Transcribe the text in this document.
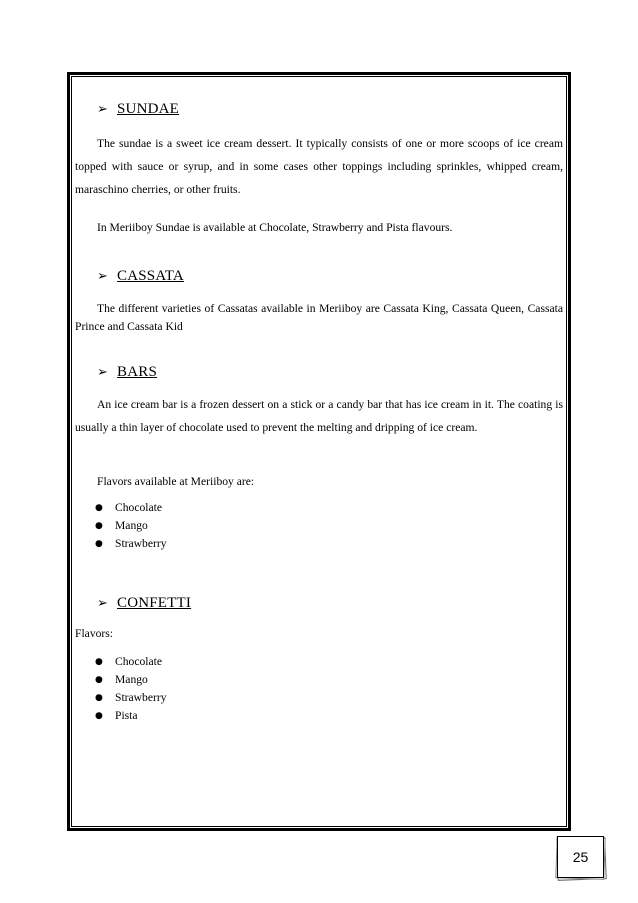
➢ SUNDAE

The sundae is a sweet ice cream dessert. It typically consists of one or more scoops of ice cream topped with sauce or syrup, and in some cases other toppings including sprinkles, whipped cream, maraschino cherries, or other fruits.

In Meriiboy Sundae is available at Chocolate, Strawberry and Pista flavours.

➢ CASSATA

The different varieties of Cassatas available in Meriiboy are Cassata King, Cassata Queen, Cassata Prince and Cassata Kid

➢ BARS

An ice cream bar is a frozen dessert on a stick or a candy bar that has ice cream in it. The coating is usually a thin layer of chocolate used to prevent the melting and dripping of ice cream.

Flavors available at Meriiboy are:

●	Chocolate
●	Mango
●	Strawberry
➢ CONFETTI

Flavors:

●	Chocolate
●	Mango
●	Strawberry
●	Pista
25
